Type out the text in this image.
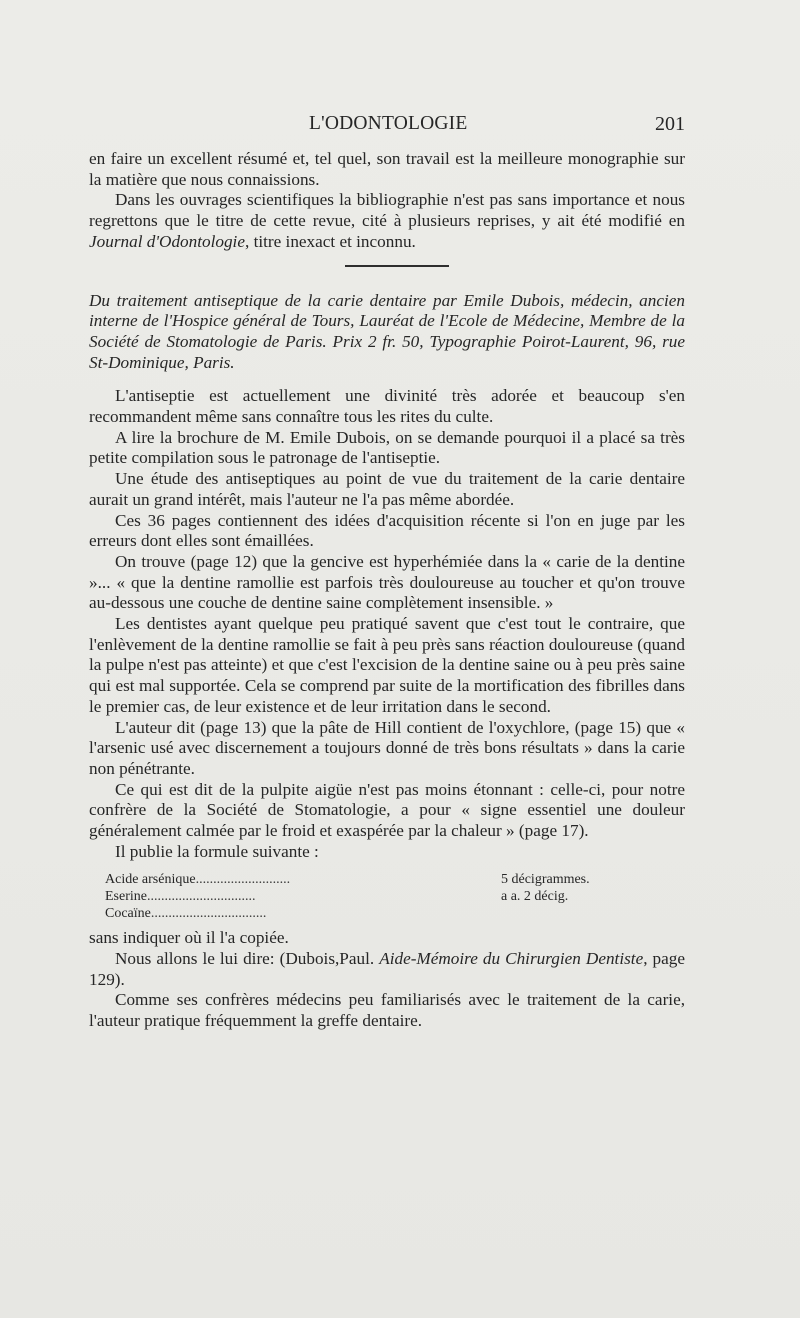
L'ODONTOLOGIE	201

en faire un excellent résumé et, tel quel, son travail est la meilleure monographie sur la matière que nous connaissions.

Dans les ouvrages scientifiques la bibliographie n'est pas sans importance et nous regrettons que le titre de cette revue, cité à plusieurs reprises, y ait été modifié en Journal d'Odontologie, titre inexact et inconnu.

Du traitement antiseptique de la carie dentaire par Emile Dubois, médecin, ancien interne de l'Hospice général de Tours, Lauréat de l'Ecole de Médecine, Membre de la Société de Stomatologie de Paris. Prix 2 fr. 50, Typographie Poirot-Laurent, 96, rue St-Dominique, Paris.

L'antiseptie est actuellement une divinité très adorée et beaucoup s'en recommandent même sans connaître tous les rites du culte.

A lire la brochure de M. Emile Dubois, on se demande pourquoi il a placé sa très petite compilation sous le patronage de l'antiseptie.

Une étude des antiseptiques au point de vue du traitement de la carie dentaire aurait un grand intérêt, mais l'auteur ne l'a pas même abordée.

Ces 36 pages contiennent des idées d'acquisition récente si l'on en juge par les erreurs dont elles sont émaillées.

On trouve (page 12) que la gencive est hyperhémiée dans la « carie de la dentine »... « que la dentine ramollie est parfois très douloureuse au toucher et qu'on trouve au-dessous une couche de dentine saine complètement insensible. »

Les dentistes ayant quelque peu pratiqué savent que c'est tout le contraire, que l'enlèvement de la dentine ramollie se fait à peu près sans réaction douloureuse (quand la pulpe n'est pas atteinte) et que c'est l'excision de la dentine saine ou à peu près saine qui est mal supportée. Cela se comprend par suite de la mortification des fibrilles dans le premier cas, de leur existence et de leur irritation dans le second.

L'auteur dit (page 13) que la pâte de Hill contient de l'oxychlore, (page 15) que « l'arsenic usé avec discernement a toujours donné de très bons résultats » dans la carie non pénétrante.

Ce qui est dit de la pulpite aigüe n'est pas moins étonnant : celle-ci, pour notre confrère de la Société de Stomatologie, a pour « signe essentiel une douleur généralement calmée par le froid et exaspérée par la chaleur » (page 17).

Il publie la formule suivante :

Acide arsénique...........................	5 décigrammes.
Eserine...............................	a a. 2 décig.
Cocaïne.................................

sans indiquer où il l'a copiée.

Nous allons le lui dire: (Dubois,Paul. Aide-Mémoire du Chirurgien Dentiste, page 129).

Comme ses confrères médecins peu familiarisés avec le traitement de la carie, l'auteur pratique fréquemment la greffe dentaire.
